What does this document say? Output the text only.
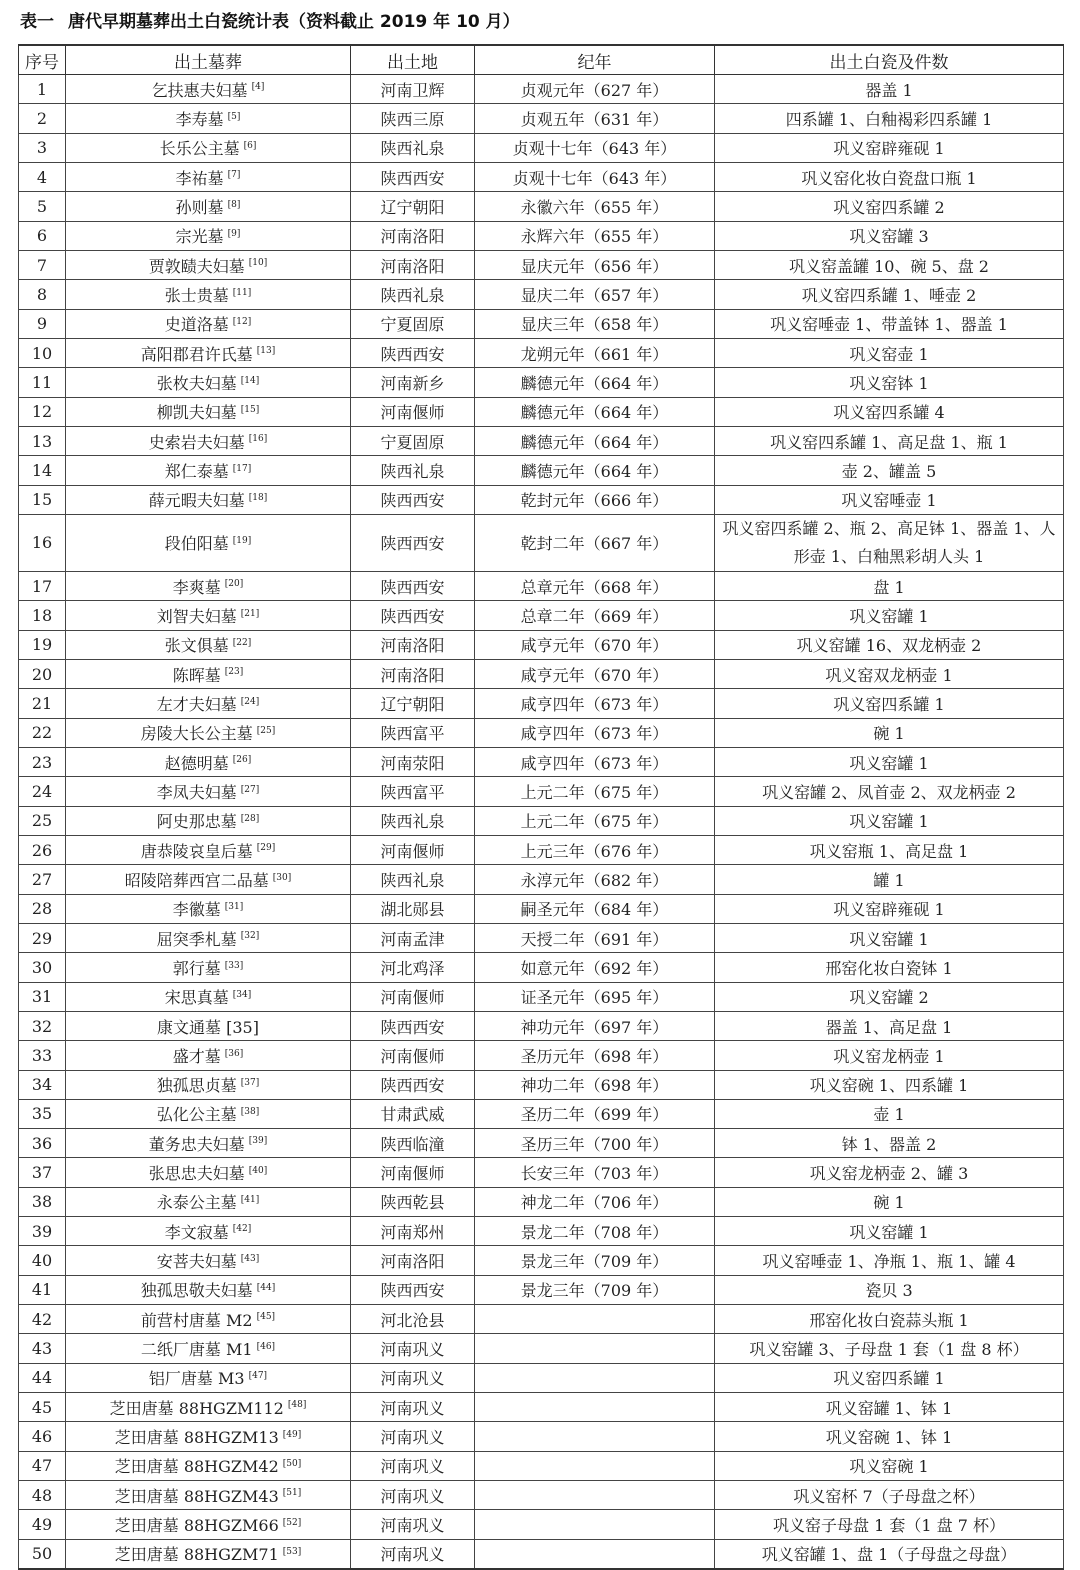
表一 唐代早期墓葬出土白瓷统计表（资料截止 2019 年 10 月）
序号	出土墓葬	出土地	纪年	出土白瓷及件数
1	乞扶惠夫妇墓 [4]	河南卫辉	贞观元年（627 年）	器盖 1
2	李寿墓 [5]	陕西三原	贞观五年（631 年）	四系罐 1、白釉褐彩四系罐 1
3	长乐公主墓 [6]	陕西礼泉	贞观十七年（643 年）	巩义窑辟雍砚 1
4	李祐墓 [7]	陕西西安	贞观十七年（643 年）	巩义窑化妆白瓷盘口瓶 1
5	孙则墓 [8]	辽宁朝阳	永徽六年（655 年）	巩义窑四系罐 2
6	宗光墓 [9]	河南洛阳	永辉六年（655 年）	巩义窑罐 3
7	贾敦赜夫妇墓 [10]	河南洛阳	显庆元年（656 年）	巩义窑盖罐 10、碗 5、盘 2
8	张士贵墓 [11]	陕西礼泉	显庆二年（657 年）	巩义窑四系罐 1、唾壶 2
9	史道洛墓 [12]	宁夏固原	显庆三年（658 年）	巩义窑唾壶 1、带盖钵 1、器盖 1
10	高阳郡君许氏墓 [13]	陕西西安	龙朔元年（661 年）	巩义窑壶 1
11	张枚夫妇墓 [14]	河南新乡	麟德元年（664 年）	巩义窑钵 1
12	柳凯夫妇墓 [15]	河南偃师	麟德元年（664 年）	巩义窑四系罐 4
13	史索岩夫妇墓 [16]	宁夏固原	麟德元年（664 年）	巩义窑四系罐 1、高足盘 1、瓶 1
14	郑仁泰墓 [17]	陕西礼泉	麟德元年（664 年）	壶 2、罐盖 5
15	薛元暇夫妇墓 [18]	陕西西安	乾封元年（666 年）	巩义窑唾壶 1
16	段伯阳墓 [19]	陕西西安	乾封二年（667 年）	巩义窑四系罐 2、瓶 2、高足钵 1、器盖 1、人形壶 1、白釉黑彩胡人头 1
17	李爽墓 [20]	陕西西安	总章元年（668 年）	盘 1
18	刘智夫妇墓 [21]	陕西西安	总章二年（669 年）	巩义窑罐 1
19	张文俱墓 [22]	河南洛阳	咸亨元年（670 年）	巩义窑罐 16、双龙柄壶 2
20	陈晖墓 [23]	河南洛阳	咸亨元年（670 年）	巩义窑双龙柄壶 1
21	左才夫妇墓 [24]	辽宁朝阳	咸亨四年（673 年）	巩义窑四系罐 1
22	房陵大长公主墓 [25]	陕西富平	咸亨四年（673 年）	碗 1
23	赵德明墓 [26]	河南荥阳	咸亨四年（673 年）	巩义窑罐 1
24	李凤夫妇墓 [27]	陕西富平	上元二年（675 年）	巩义窑罐 2、凤首壶 2、双龙柄壶 2
25	阿史那忠墓 [28]	陕西礼泉	上元二年（675 年）	巩义窑罐 1
26	唐恭陵哀皇后墓 [29]	河南偃师	上元三年（676 年）	巩义窑瓶 1、高足盘 1
27	昭陵陪葬西宫二品墓 [30]	陕西礼泉	永淳元年（682 年）	罐 1
28	李徽墓 [31]	湖北郧县	嗣圣元年（684 年）	巩义窑辟雍砚 1
29	屈突季札墓 [32]	河南孟津	天授二年（691 年）	巩义窑罐 1
30	郭行墓 [33]	河北鸡泽	如意元年（692 年）	邢窑化妆白瓷钵 1
31	宋思真墓 [34]	河南偃师	证圣元年（695 年）	巩义窑罐 2
32	康文通墓 [35]	陕西西安	神功元年（697 年）	器盖 1、高足盘 1
33	盛才墓 [36]	河南偃师	圣历元年（698 年）	巩义窑龙柄壶 1
34	独孤思贞墓 [37]	陕西西安	神功二年（698 年）	巩义窑碗 1、四系罐 1
35	弘化公主墓 [38]	甘肃武威	圣历二年（699 年）	壶 1
36	董务忠夫妇墓 [39]	陕西临潼	圣历三年（700 年）	钵 1、器盖 2
37	张思忠夫妇墓 [40]	河南偃师	长安三年（703 年）	巩义窑龙柄壶 2、罐 3
38	永泰公主墓 [41]	陕西乾县	神龙二年（706 年）	碗 1
39	李文寂墓 [42]	河南郑州	景龙二年（708 年）	巩义窑罐 1
40	安菩夫妇墓 [43]	河南洛阳	景龙三年（709 年）	巩义窑唾壶 1、净瓶 1、瓶 1、罐 4
41	独孤思敬夫妇墓 [44]	陕西西安	景龙三年（709 年）	瓷贝 3
42	前营村唐墓 M2 [45]	河北沧县		邢窑化妆白瓷蒜头瓶 1
43	二纸厂唐墓 M1 [46]	河南巩义		巩义窑罐 3、子母盘 1 套（1 盘 8 杯）
44	铝厂唐墓 M3 [47]	河南巩义		巩义窑四系罐 1
45	芝田唐墓 88HGZM112 [48]	河南巩义		巩义窑罐 1、钵 1
46	芝田唐墓 88HGZM13 [49]	河南巩义		巩义窑碗 1、钵 1
47	芝田唐墓 88HGZM42 [50]	河南巩义		巩义窑碗 1
48	芝田唐墓 88HGZM43 [51]	河南巩义		巩义窑杯 7（子母盘之杯）
49	芝田唐墓 88HGZM66 [52]	河南巩义		巩义窑子母盘 1 套（1 盘 7 杯）
50	芝田唐墓 88HGZM71 [53]	河南巩义		巩义窑罐 1、盘 1（子母盘之母盘）
